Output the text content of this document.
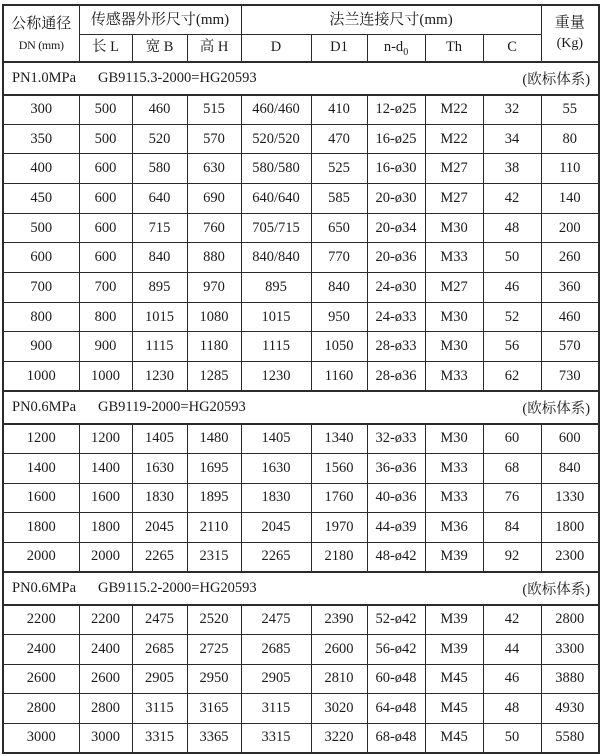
公称通径
DN (mm)
	传感器外形尺寸(mm)	法兰连接尺寸(mm)	重量
(Kg)

	长 L	宽 B	高 H	D	D1	$n-d_0$	Th	C	

PN1.0MPa GB9115.3-2000=HG20593 (欧标体系)									

300	500	460	515	460/460	410	12-ø25	M22	32	55
350	500	520	570	520/520	470	16-ø25	M22	34	80
400	600	580	630	580/580	525	16-ø30	M27	38	110
450	600	640	690	640/640	585	20-ø30	M27	42	140
500	600	715	760	705/715	650	20-ø34	M30	48	200
600	600	840	880	840/840	770	20-ø36	M33	50	260
700	700	895	970	895	840	24-ø30	M27	46	360
800	800	1015	1080	1015	950	24-ø33	M30	52	460
900	900	1115	1180	1115	1050	28-ø33	M30	56	570
1000	1000	1230	1285	1230	1160	28-ø36	M33	62	730

PN0.6MPa GB9119-2000=HG20593 (欧标体系)									

1200	1200	1405	1480	1405	1340	32-ø33	M30	60	600
1400	1400	1630	1695	1630	1560	36-ø36	M33	68	840
1600	1600	1830	1895	1830	1760	40-ø36	M33	76	1330
1800	1800	2045	2110	2045	1970	44-ø39	M36	84	1800
2000	2000	2265	2315	2265	2180	48-ø42	M39	92	2300

PN0.6MPa GB9115.2-2000=HG20593 (欧标体系)									

2200	2200	2475	2520	2475	2390	52-ø42	M39	42	2800
2400	2400	2685	2725	2685	2600	56-ø42	M39	44	3300
2600	2600	2905	2950	2905	2810	60-ø48	M45	46	3880
2800	2800	3115	3165	3115	3020	64-ø48	M45	48	4930
3000	3000	3315	3365	3315	3220	68-ø48	M45	50	5580
